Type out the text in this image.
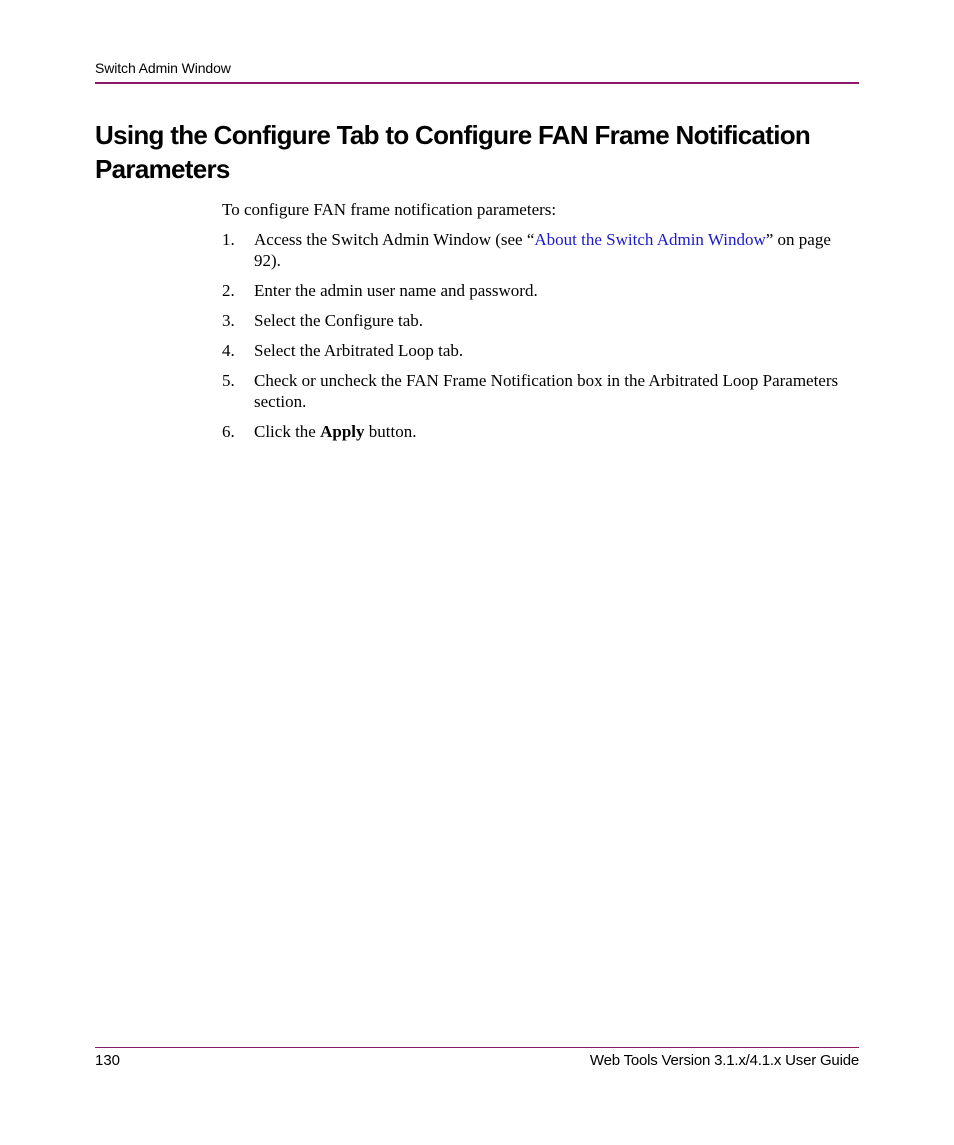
Switch Admin Window
Using the Configure Tab to Configure FAN Frame Notification Parameters

To configure FAN frame notification parameters:

1. Access the Switch Admin Window (see “About the Switch Admin Window” on page 92).
2. Enter the admin user name and password.
3. Select the Configure tab.
4. Select the Arbitrated Loop tab.
5. Check or uncheck the FAN Frame Notification box in the Arbitrated Loop Parameters section.
6. Click the Apply button.
130	Web Tools Version 3.1.x/4.1.x User Guide
